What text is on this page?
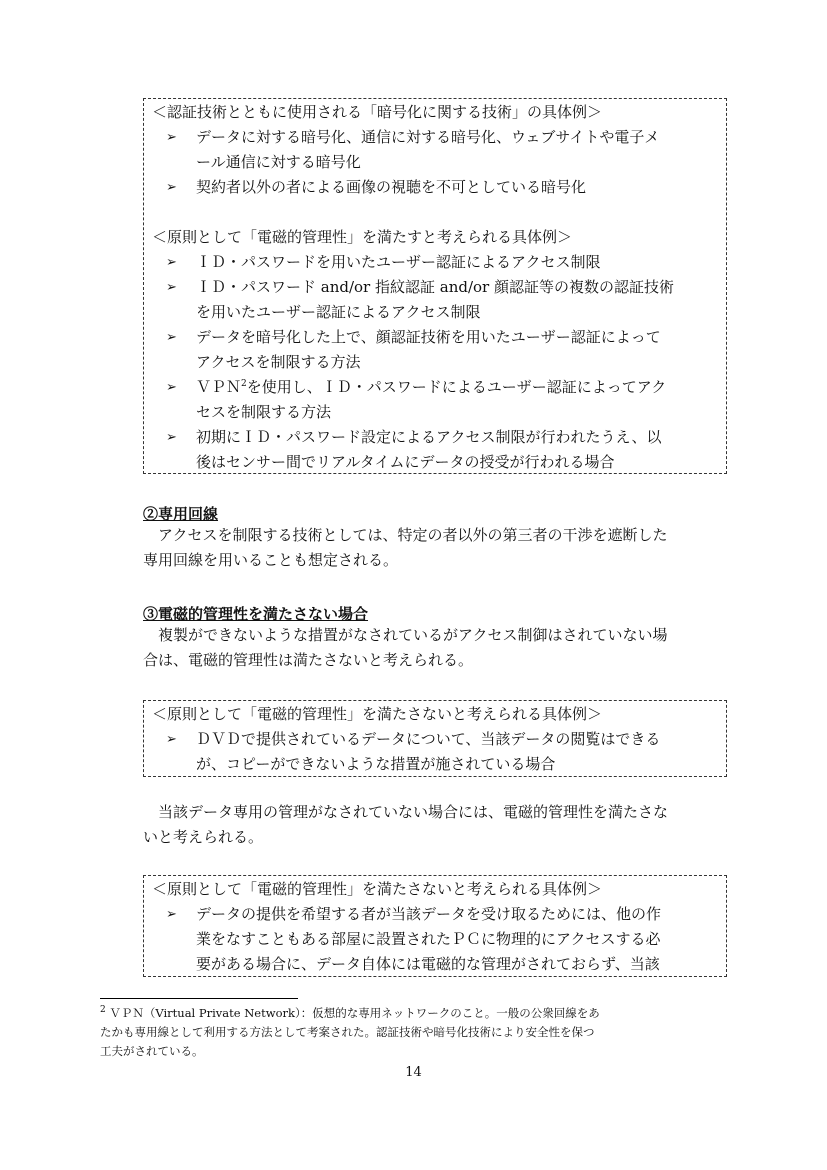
＜認証技術とともに使用される「暗号化に関する技術」の具体例＞
➢ データに対する暗号化、通信に対する暗号化、ウェブサイトや電子メ
ール通信に対する暗号化
➢ 契約者以外の者による画像の視聴を不可としている暗号化
＜原則として「電磁的管理性」を満たすと考えられる具体例＞
➢ ＩＤ・パスワードを用いたユーザー認証によるアクセス制限
➢ ＩＤ・パスワード and/or 指紋認証 and/or 顔認証等の複数の認証技術
を用いたユーザー認証によるアクセス制限
➢ データを暗号化した上で、顔認証技術を用いたユーザー認証によって
アクセスを制限する方法
➢ ＶＰＮ$^2$を使用し、ＩＤ・パスワードによるユーザー認証によってアク
セスを制限する方法
➢ 初期にＩＤ・パスワード設定によるアクセス制限が行われたうえ、以
後はセンサー間でリアルタイムにデータの授受が行われる場合
②専用回線
アクセスを制限する技術としては、特定の者以外の第三者の干渉を遮断した
専用回線を用いることも想定される。
③電磁的管理性を満たさない場合
複製ができないような措置がなされているがアクセス制御はされていない場
合は、電磁的管理性は満たさないと考えられる。
＜原則として「電磁的管理性」を満たさないと考えられる具体例＞
➢ ＤＶＤで提供されているデータについて、当該データの閲覧はできる
が、コピーができないような措置が施されている場合
当該データ専用の管理がなされていない場合には、電磁的管理性を満たさな
いと考えられる。
＜原則として「電磁的管理性」を満たさないと考えられる具体例＞
➢ データの提供を希望する者が当該データを受け取るためには、他の作
業をなすこともある部屋に設置されたＰＣに物理的にアクセスする必
要がある場合に、データ自体には電磁的な管理がされておらず、当該
$^2$ ＶＰＮ（Virtual Private Network）：仮想的な専用ネットワークのこと。一般の公衆回線をあ
たかも専用線として利用する方法として考案された。認証技術や暗号化技術により安全性を保つ
工夫がされている。
14
